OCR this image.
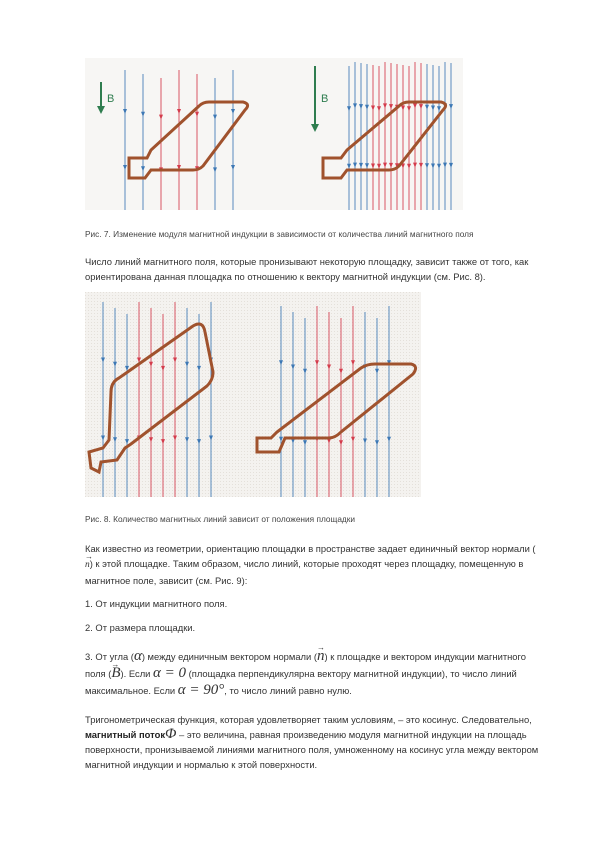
B	B
Рис. 7. Изменение модуля магнитной индукции в зависимости от количества линий магнитного поля
Число линий магнитного поля, которые пронизывают некоторую площадку, зависит также от того, как ориентирована данная площадка по отношению к вектору магнитной индукции (см. Рис. 8).
Рис. 8. Количество магнитных линий зависит от положения площадки
Как известно из геометрии, ориентацию площадки в пространстве задает единичный вектор нормали (→ n) к этой площадке. Таким образом, число линий, которые проходят через площадку, помещенную в магнитное поле, зависит (см. Рис. 9):
1. От индукции магнитного поля.
2. От размера площадки.
3. От угла (α) между единичным вектором нормали (→ n) к площадке и вектором индукции магнитного поля (→ B). Если α = 0 (площадка перпендикулярна вектору магнитной индукции), то число линий максимальное. Если α = 90°, то число линий равно нулю.
Тригонометрическая функция, которая удовлетворяет таким условиям, – это косинус. Следовательно, магнитный потокΦ – это величина, равная произведению модуля магнитной индукции на площадь поверхности, пронизываемой линиями магнитного поля, умноженному на косинус угла между вектором магнитной индукции и нормалью к этой поверхности.
